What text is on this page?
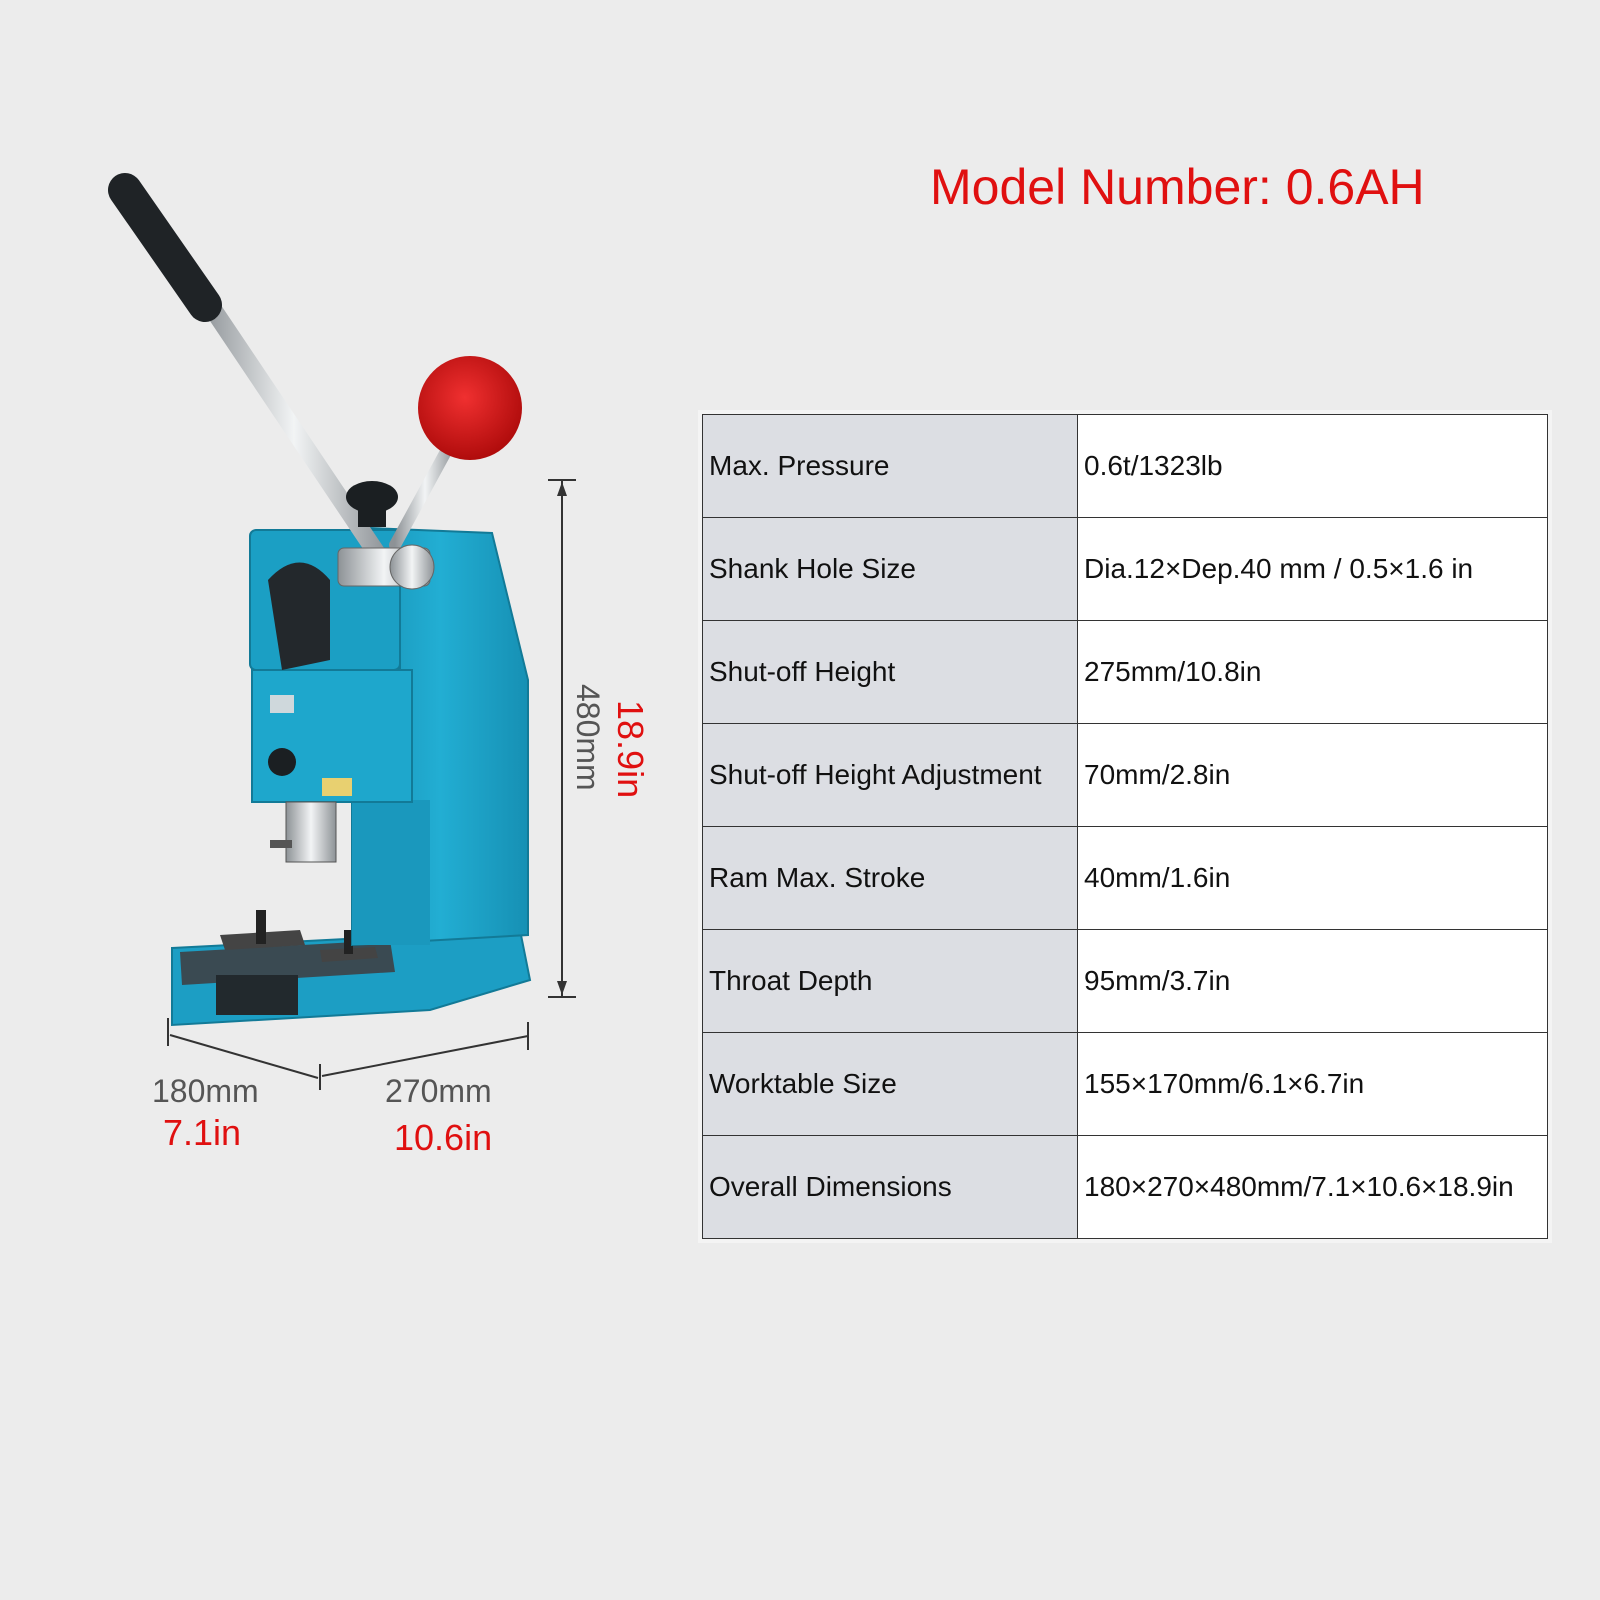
Model Number: 0.6AH
180mm
7.1in
270mm
10.6in
480mm 18.9in
Max. Pressure	0.6t/1323lb
Shank Hole Size	Dia.12×Dep.40 mm / 0.5×1.6 in
Shut-off Height	275mm/10.8in
Shut-off Height Adjustment	70mm/2.8in
Ram Max. Stroke	40mm/1.6in
Throat Depth	95mm/3.7in
Worktable Size	155×170mm/6.1×6.7in
Overall Dimensions	180×270×480mm/7.1×10.6×18.9in
